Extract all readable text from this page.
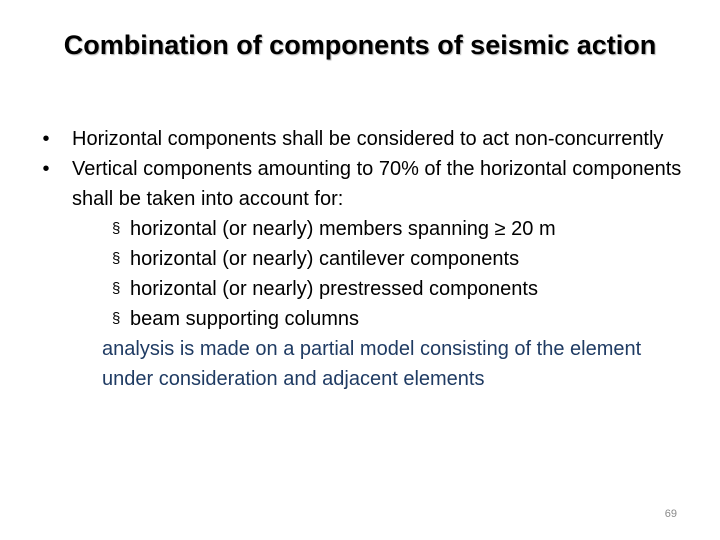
Combination of components of seismic action
•	Horizontal components shall be considered to act non-concurrently
•	Vertical components amounting to 70% of the horizontal components shall be taken into account for:
§ horizontal (or nearly) members spanning ≥ 20 m
§ horizontal (or nearly) cantilever components
§ horizontal (or nearly) prestressed components
§ beam supporting columns
analysis is made on a partial model consisting of the element under consideration and adjacent elements
69
